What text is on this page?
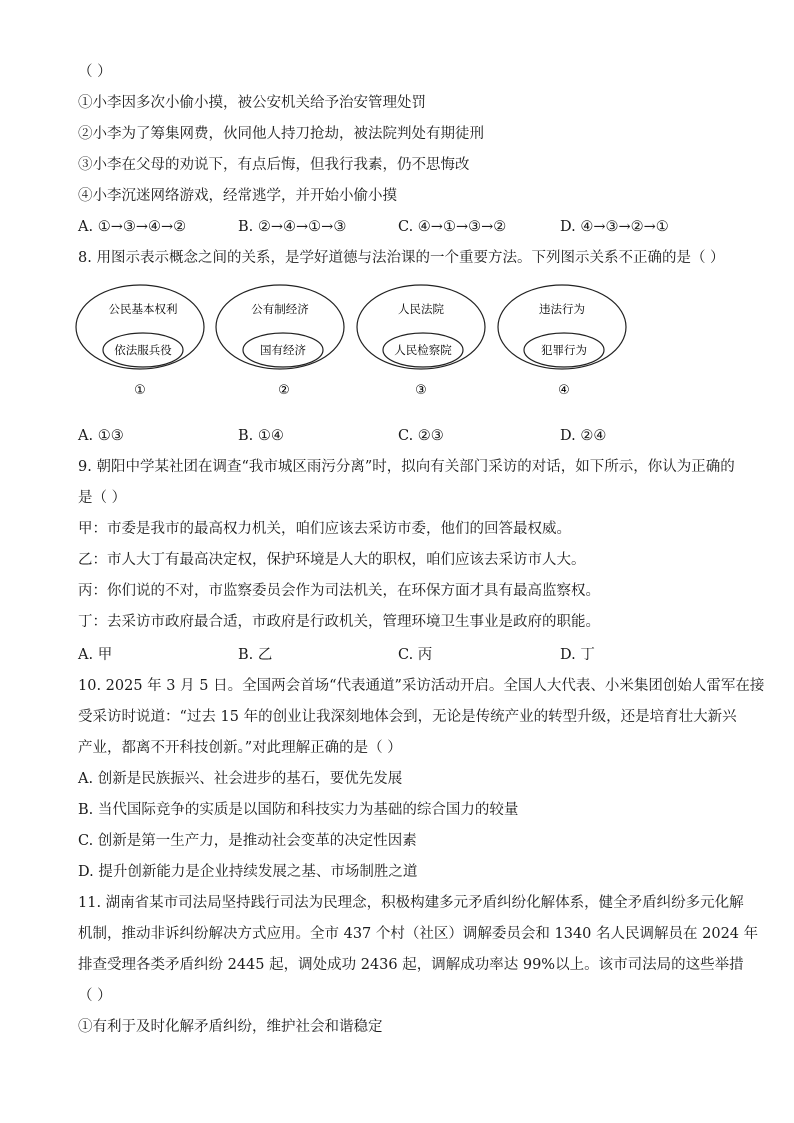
（ ）
①小李因多次小偷小摸，被公安机关给予治安管理处罚
②小李为了筹集网费，伙同他人持刀抢劫，被法院判处有期徒刑
③小李在父母的劝说下，有点后悔，但我行我素，仍不思悔改
④小李沉迷网络游戏，经常逃学，并开始小偷小摸
A. ①→③→④→②	B. ②→④→①→③	C. ④→①→③→②	D. ④→③→②→①
8. 用图示表示概念之间的关系，是学好道德与法治课的一个重要方法。下列图示关系不正确的是（ ）
公民基本权利
依法服兵役
①
公有制经济
国有经济
②
人民法院
人民检察院
③
违法行为
犯罪行为
④
A. ①③	B. ①④	C. ②③	D. ②④
9. 朝阳中学某社团在调查“我市城区雨污分离”时，拟向有关部门采访的对话，如下所示，你认为正确的
是（ ）
甲：市委是我市的最高权力机关，咱们应该去采访市委，他们的回答最权威。
乙：市人大丁有最高决定权，保护环境是人大的职权，咱们应该去采访市人大。
丙：你们说的不对，市监察委员会作为司法机关，在环保方面才具有最高监察权。
丁：去采访市政府最合适，市政府是行政机关，管理环境卫生事业是政府的职能。
A. 甲	B. 乙	C. 丙	D. 丁
10. 2025 年 3 月 5 日。全国两会首场“代表通道”采访活动开启。全国人大代表、小米集团创始人雷军在接
受采访时说道：“过去 15 年的创业让我深刻地体会到，无论是传统产业的转型升级，还是培育壮大新兴
产业，都离不开科技创新。”对此理解正确的是（ ）
A. 创新是民族振兴、社会进步的基石，要优先发展
B. 当代国际竞争的实质是以国防和科技实力为基础的综合国力的较量
C. 创新是第一生产力，是推动社会变革的决定性因素
D. 提升创新能力是企业持续发展之基、市场制胜之道
11. 湖南省某市司法局坚持践行司法为民理念，积极构建多元矛盾纠纷化解体系，健全矛盾纠纷多元化解
机制，推动非诉纠纷解决方式应用。全市 437 个村（社区）调解委员会和 1340 名人民调解员在 2024 年
排查受理各类矛盾纠纷 2445 起，调处成功 2436 起，调解成功率达 99%以上。该市司法局的这些举措
（ ）
①有利于及时化解矛盾纠纷，维护社会和谐稳定
